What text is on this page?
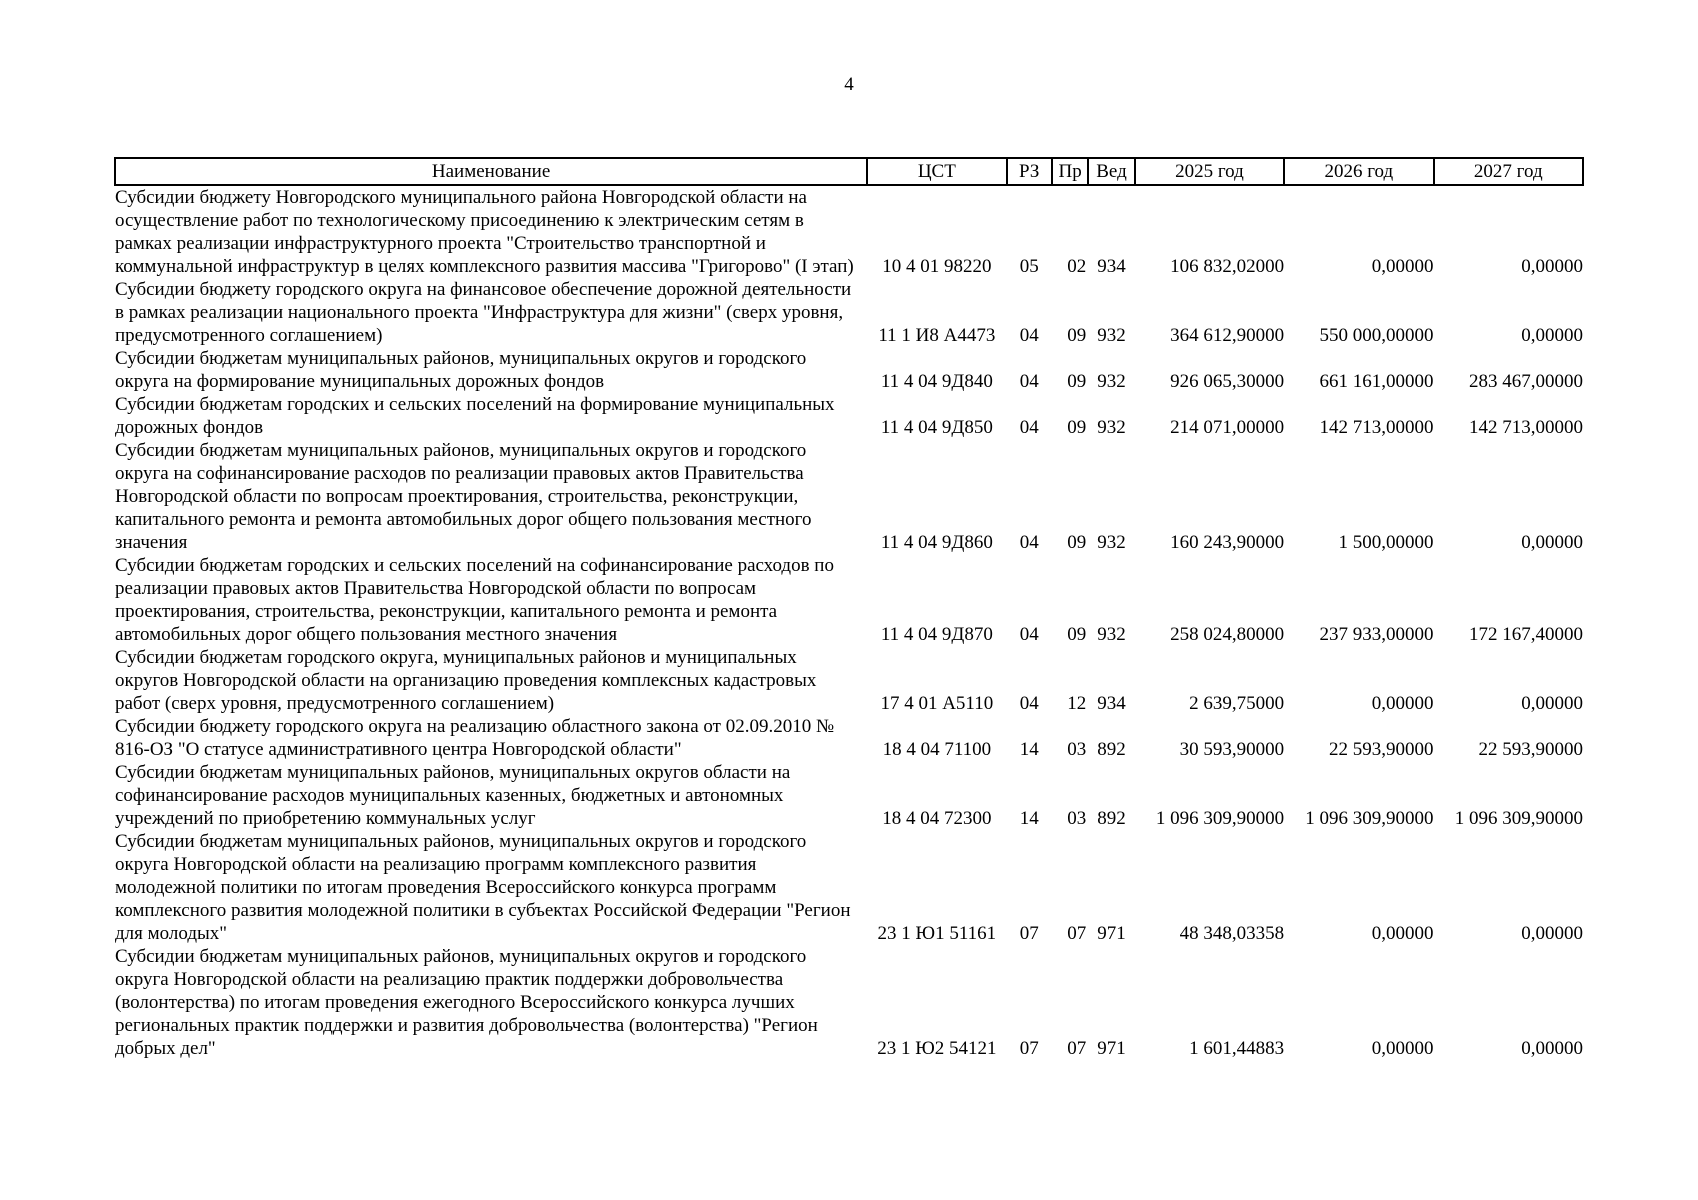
4
Наименование	ЦСТ	РЗ	Пр	Вед	2025 год	2026 год	2027 год
Субсидии бюджету Новгородского муниципального района Новгородской области на осуществление работ по технологическому присоединению к электрическим сетям в рамках реализации инфраструктурного проекта "Строительство транспортной и коммунальной инфраструктур в целях комплексного развития массива "Григорово" (I этап)	10 4 01 98220	05	02	934	106 832,02000	0,00000	0,00000
Субсидии бюджету городского округа на финансовое обеспечение дорожной деятельности в рамках реализации национального проекта "Инфраструктура для жизни" (сверх уровня, предусмотренного соглашением)	11 1 И8 А4473	04	09	932	364 612,90000	550 000,00000	0,00000
Субсидии бюджетам муниципальных районов, муниципальных округов и городского округа на формирование муниципальных дорожных фондов	11 4 04 9Д840	04	09	932	926 065,30000	661 161,00000	283 467,00000
Субсидии бюджетам городских и сельских поселений на формирование муниципальных дорожных фондов	11 4 04 9Д850	04	09	932	214 071,00000	142 713,00000	142 713,00000
Субсидии бюджетам муниципальных районов, муниципальных округов и городского округа на софинансирование расходов по реализации правовых актов Правительства Новгородской области по вопросам проектирования, строительства, реконструкции, капитального ремонта и ремонта автомобильных дорог общего пользования местного значения	11 4 04 9Д860	04	09	932	160 243,90000	1 500,00000	0,00000
Субсидии бюджетам городских и сельских поселений на софинансирование расходов по реализации правовых актов Правительства Новгородской области по вопросам проектирования, строительства, реконструкции, капитального ремонта и ремонта автомобильных дорог общего пользования местного значения	11 4 04 9Д870	04	09	932	258 024,80000	237 933,00000	172 167,40000
Субсидии бюджетам городского округа, муниципальных районов и муниципальных округов Новгородской области на организацию проведения комплексных кадастровых работ (сверх уровня, предусмотренного соглашением)	17 4 01 А5110	04	12	934	2 639,75000	0,00000	0,00000
Субсидии бюджету городского округа на реализацию областного закона от 02.09.2010 № 816-ОЗ "О статусе административного центра Новгородской области"	18 4 04 71100	14	03	892	30 593,90000	22 593,90000	22 593,90000
Субсидии бюджетам муниципальных районов, муниципальных округов области на софинансирование расходов муниципальных казенных, бюджетных и автономных учреждений по приобретению коммунальных услуг	18 4 04 72300	14	03	892	1 096 309,90000	1 096 309,90000	1 096 309,90000
Субсидии бюджетам муниципальных районов, муниципальных округов и городского округа Новгородской области на реализацию программ комплексного развития молодежной политики по итогам проведения Всероссийского конкурса программ комплексного развития молодежной политики в субъектах Российской Федерации "Регион для молодых"	23 1 Ю1 51161	07	07	971	48 348,03358	0,00000	0,00000
Субсидии бюджетам муниципальных районов, муниципальных округов и городского округа Новгородской области на реализацию практик поддержки добровольчества (волонтерства) по итогам проведения ежегодного Всероссийского конкурса лучших региональных практик поддержки и развития добровольчества (волонтерства) "Регион добрых дел"	23 1 Ю2 54121	07	07	971	1 601,44883	0,00000	0,00000
